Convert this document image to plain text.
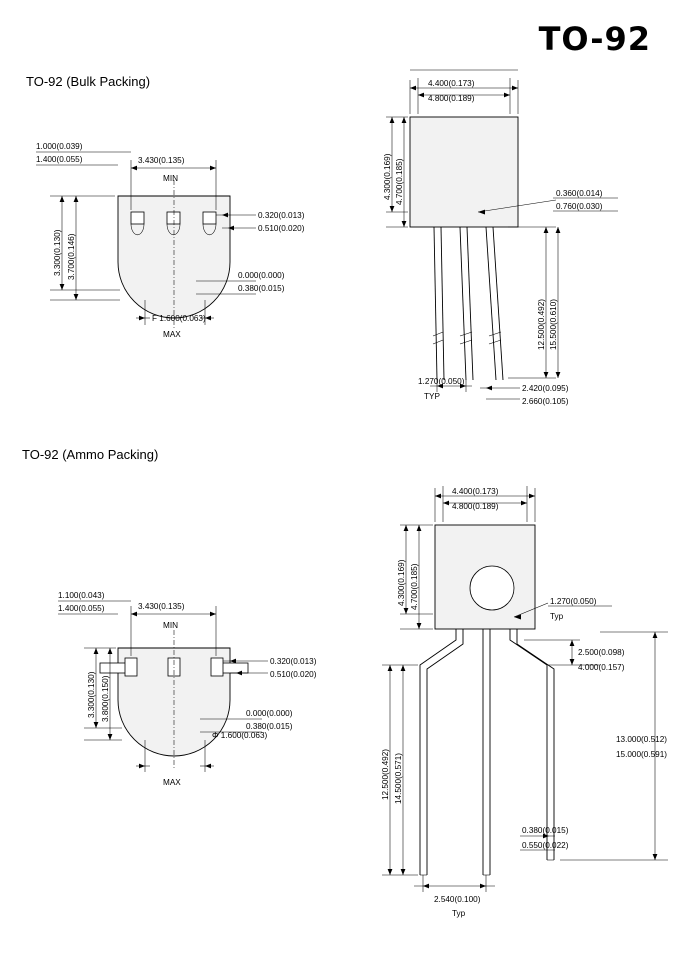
TO-92
TO-92 (Bulk Packing)
TO-92 (Ammo Packing)
3.430(0.135)
MIN
1.000(0.039)
1.400(0.055)
3.300(0.130) 3.700(0.146)
0.320(0.013)
0.510(0.020)
0.000(0.000)
0.380(0.015)
F 1.600(0.063)
MAX
4.400(0.173)
4.800(0.189)
4.300(0.169) 4.700(0.185)	0.360(0.014)
0.760(0.030)
12.500(0.492) 15.500(0.610)
1.270(0.050)
TYP
2.420(0.095)
2.660(0.105)
3.430(0.135)
MIN
1.100(0.043)
1.400(0.055)
3.300(0.130) 3.800(0.150)
0.320(0.013)
0.510(0.020)
0.000(0.000)
0.380(0.015)
Φ 1.600(0.063)
MAX
4.400(0.173)
4.800(0.189)
4.300(0.169) 4.700(0.185)	1.270(0.050)
Typ
2.500(0.098)
4.000(0.157)
13.000(0.512)
15.000(0.591)
12.500(0.492) 14.500(0.571)
0.380(0.015)
0.550(0.022)
2.540(0.100)
Typ
